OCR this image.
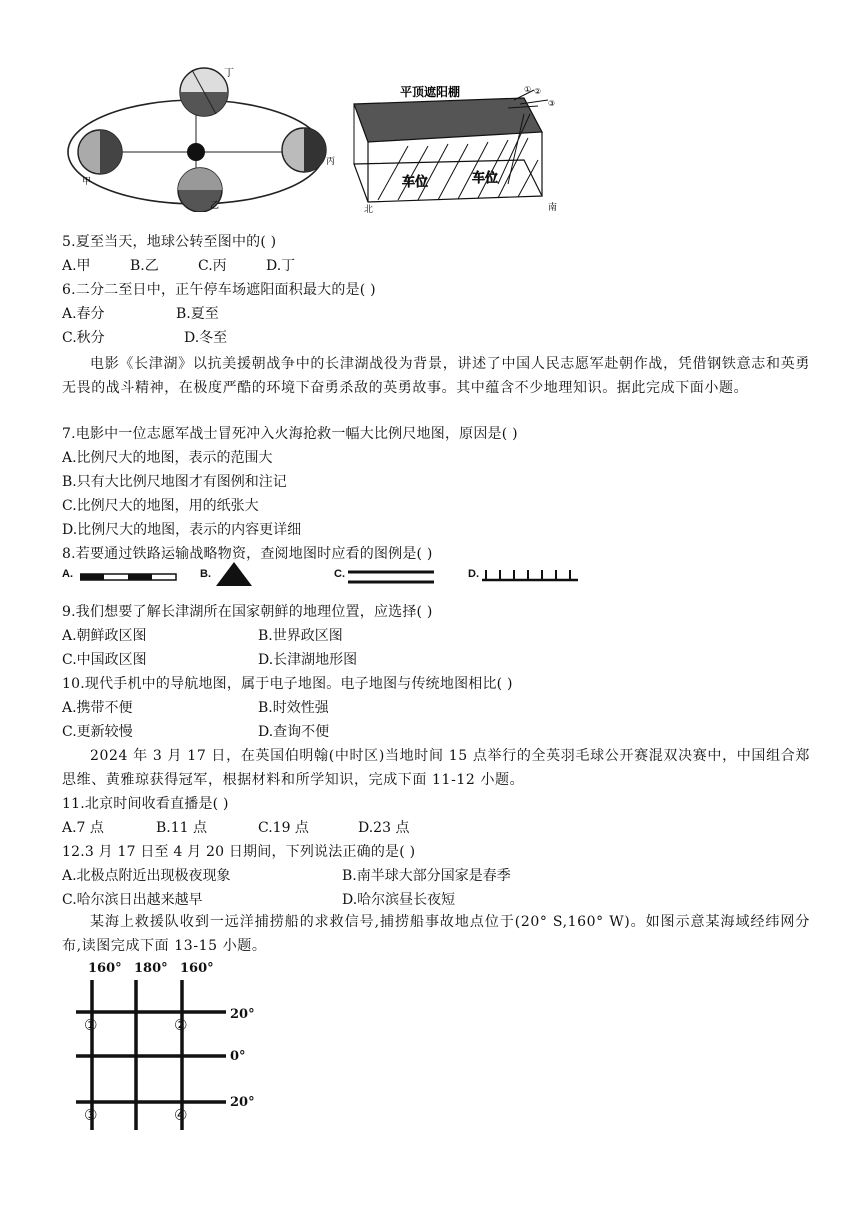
丁
甲
丙
乙
平顶遮阳棚	① ②
③
车位	车位
北	南
5.夏至当天，地球公转至图中的( )
A.甲	B.乙	C.丙	D.丁
6.二分二至日中，正午停车场遮阳面积最大的是( )
A.春分	B.夏至
C.秋分	D.冬至
电影《长津湖》以抗美援朝战争中的长津湖战役为背景，讲述了中国人民志愿军赴朝作战，凭借钢铁意志和英勇无畏的战斗精神，在极度严酷的环境下奋勇杀敌的英勇故事。其中蕴含不少地理知识。据此完成下面小题。
7.电影中一位志愿军战士冒死冲入火海抢救一幅大比例尺地图，原因是( )
A.比例尺大的地图，表示的范围大
B.只有大比例尺地图才有图例和注记
C.比例尺大的地图，用的纸张大
D.比例尺大的地图，表示的内容更详细
8.若要通过铁路运输战略物资，查阅地图时应看的图例是( )
A.	B.	C.	D.
9.我们想要了解长津湖所在国家朝鲜的地理位置，应选择( )
A.朝鲜政区图	B.世界政区图
C.中国政区图	D.长津湖地形图
10.现代手机中的导航地图，属于电子地图。电子地图与传统地图相比( )
A.携带不便	B.时效性强
C.更新较慢	D.查询不便
2024 年 3 月 17 日，在英国伯明翰(中时区)当地时间 15 点举行的全英羽毛球公开赛混双决赛中，中国组合郑思维、黄雅琼获得冠军，根据材料和所学知识，完成下面 11-12 小题。
11.北京时间收看直播是( )
A.7 点	B.11 点	C.19 点	D.23 点
12.3 月 17 日至 4 月 20 日期间，下列说法正确的是( )
A.北极点附近出现极夜现象	B.南半球大部分国家是春季
C.哈尔滨日出越来越早	D.哈尔滨昼长夜短
某海上救援队收到一远洋捕捞船的求救信号,捕捞船事故地点位于(20° S,160° W)。如图示意某海域经纬网分布,读图完成下面 13-15 小题。
160° 180° 160°
20°
0°
20°
①	②
③	④
